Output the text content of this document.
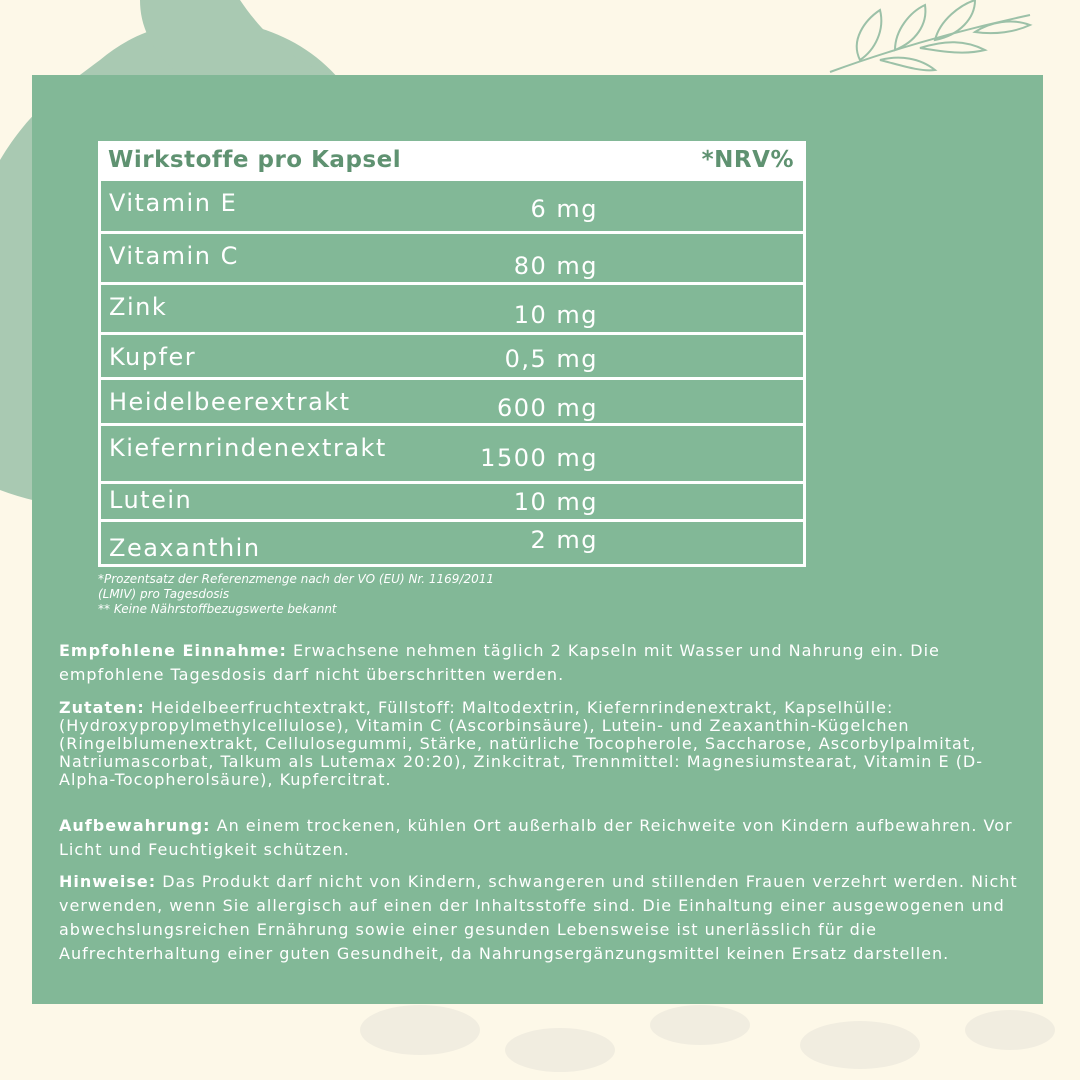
Wirkstoffe pro Kapsel	*NRV%
Vitamin E	6 mg
Vitamin C	80 mg
Zink	10 mg
Kupfer	0,5 mg
Heidelbeerextrakt	600 mg
Kiefernrindenextrakt	1500 mg
Lutein	10 mg
Zeaxanthin	2 mg
*Prozentsatz der Referenzmenge nach der VO (EU) Nr. 1169/2011
(LMIV) pro Tagesdosis
** Keine Nährstoffbezugswerte bekannt
Empfohlene Einnahme: Erwachsene nehmen täglich 2 Kapseln mit Wasser und Nahrung ein. Die empfohlene Tagesdosis darf nicht überschritten werden.
Zutaten: Heidelbeerfruchtextrakt, Füllstoff: Maltodextrin, Kiefernrindenextrakt, Kapselhülle: (Hydroxypropylmethylcellulose), Vitamin C (Ascorbinsäure), Lutein- und Zeaxanthin-Kügelchen (Ringelblumenextrakt, Cellulosegummi, Stärke, natürliche Tocopherole, Saccharose, Ascorbylpalmitat, Natriumascorbat, Talkum als Lutemax 20:20), Zinkcitrat, Trennmittel: Magnesiumstearat, Vitamin E (D-Alpha-Tocopherolsäure), Kupfercitrat.
Aufbewahrung: An einem trockenen, kühlen Ort außerhalb der Reichweite von Kindern aufbewahren. Vor Licht und Feuchtigkeit schützen.
Hinweise: Das Produkt darf nicht von Kindern, schwangeren und stillenden Frauen verzehrt werden. Nicht verwenden, wenn Sie allergisch auf einen der Inhaltsstoffe sind. Die Einhaltung einer ausgewogenen und abwechslungsreichen Ernährung sowie einer gesunden Lebensweise ist unerlässlich für die Aufrechterhaltung einer guten Gesundheit, da Nahrungsergänzungsmittel keinen Ersatz darstellen.
